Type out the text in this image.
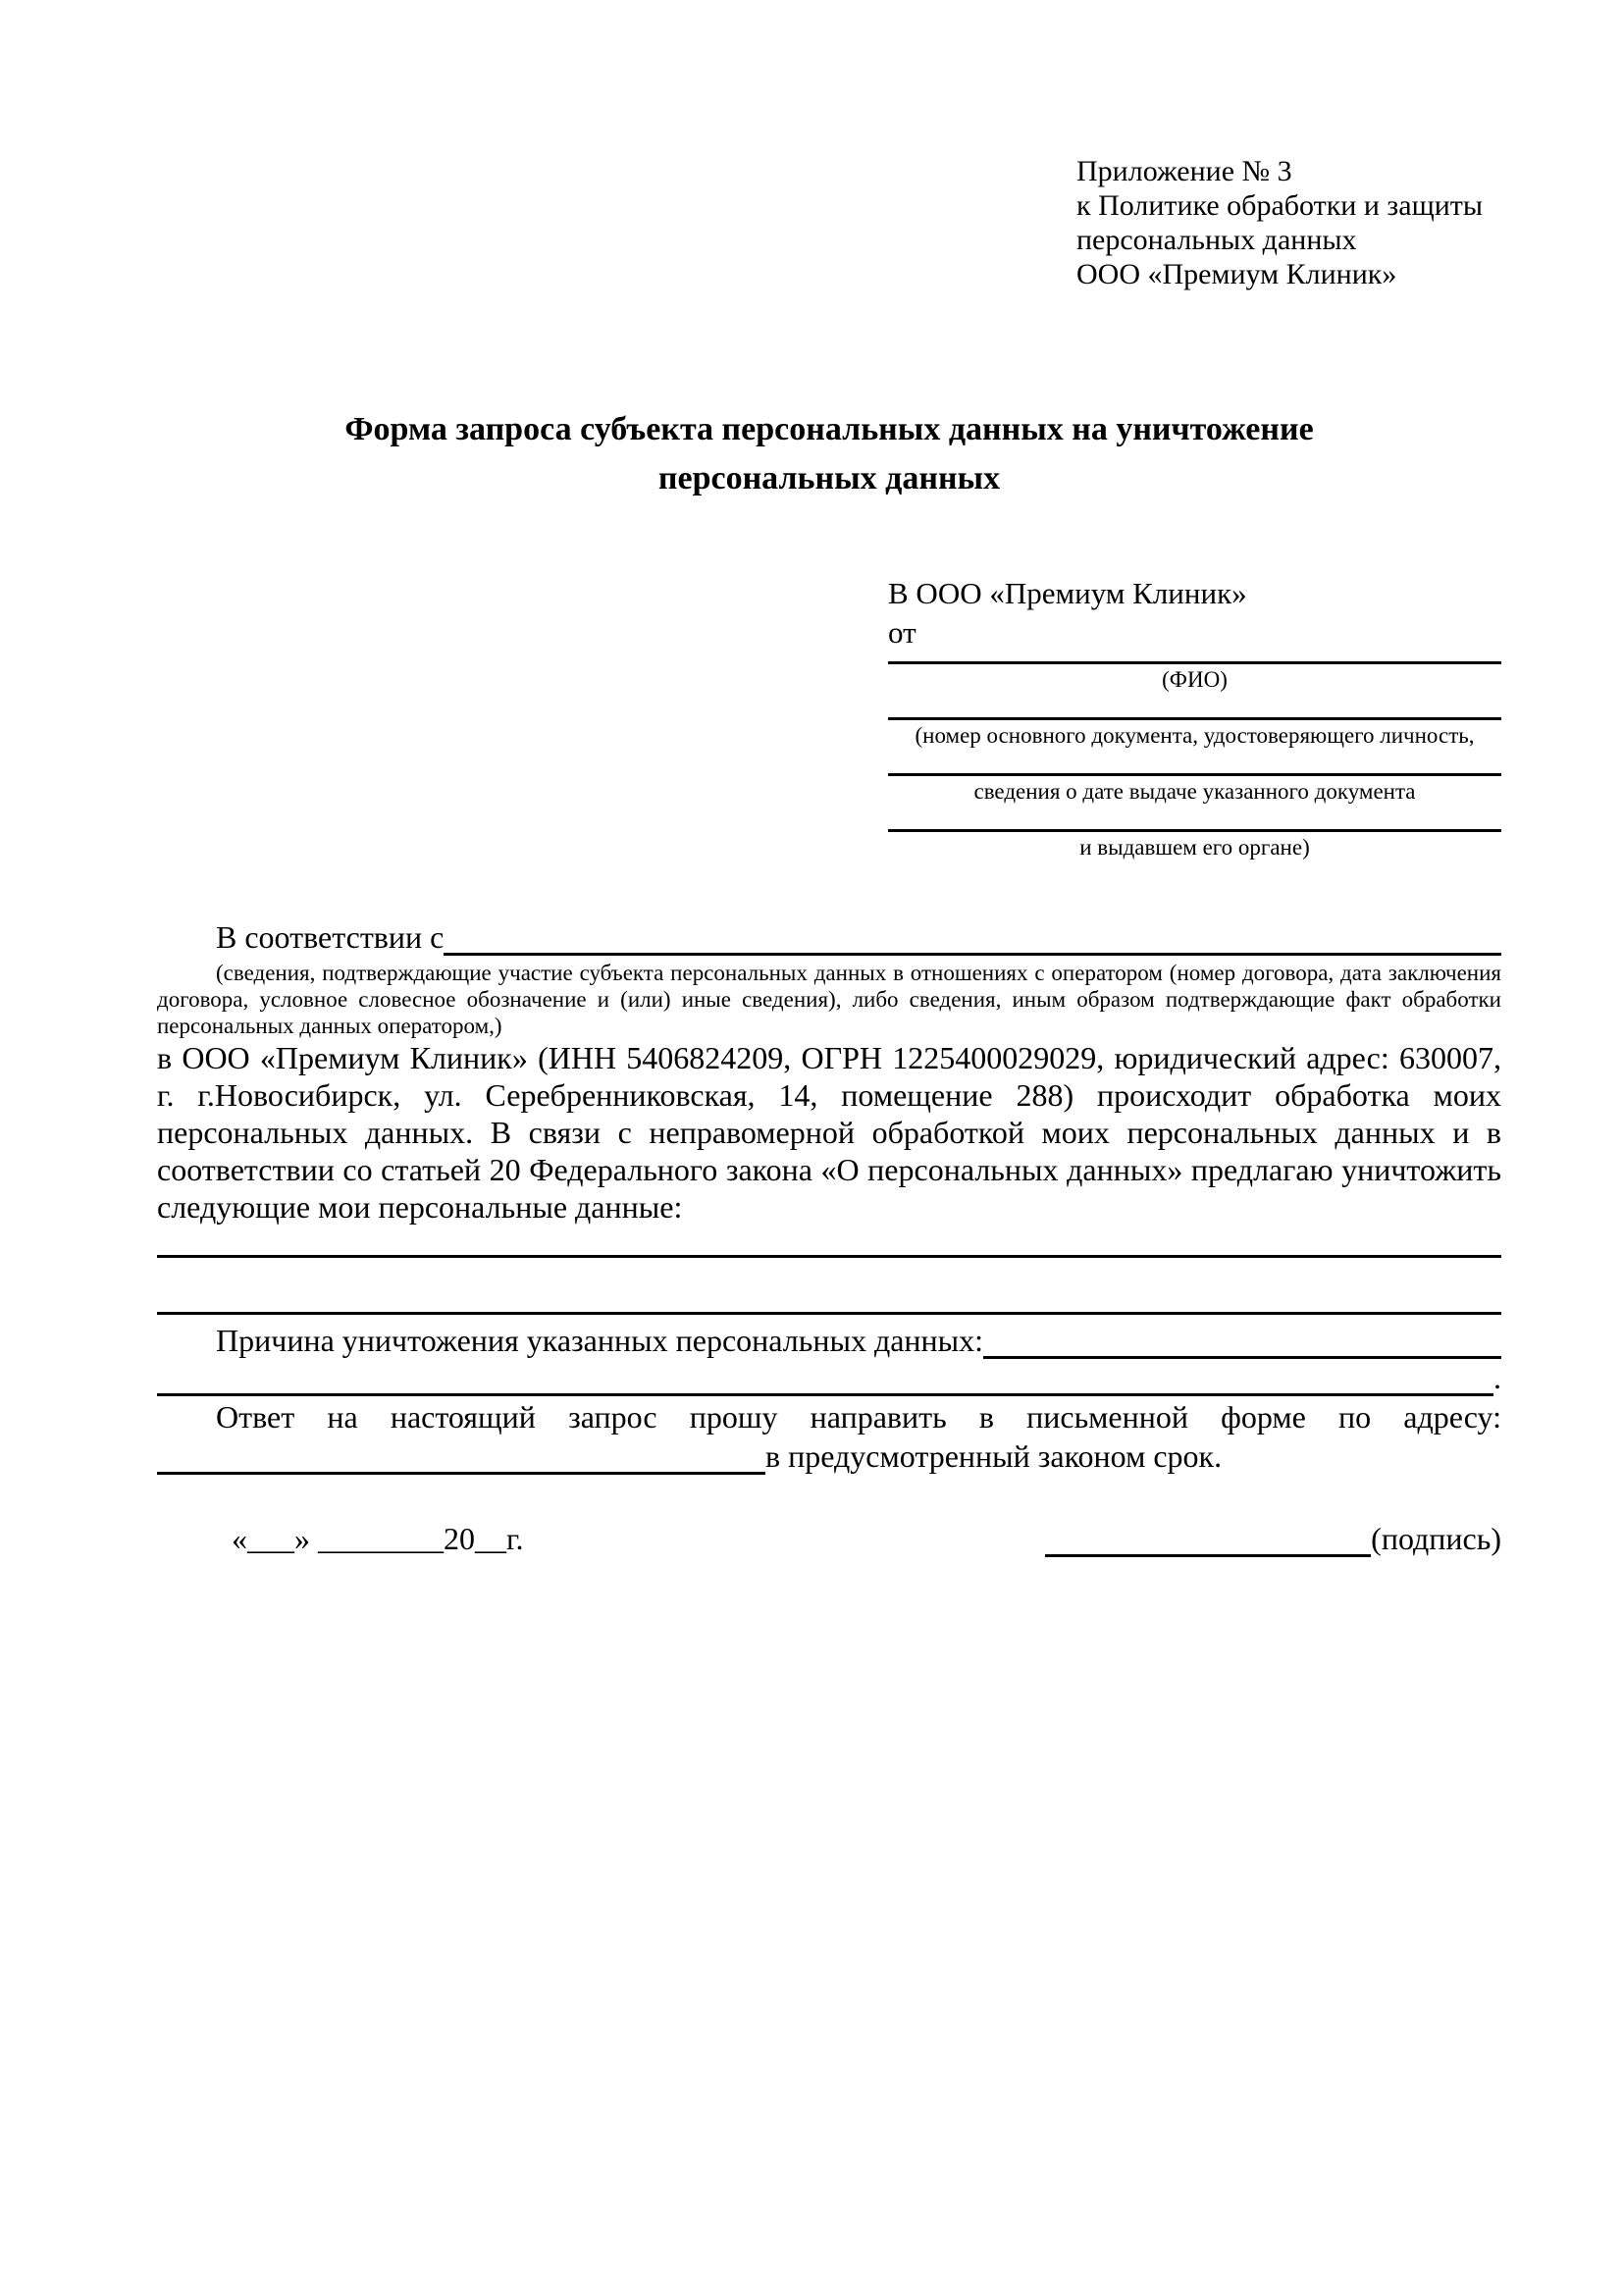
Приложение № 3
к Политике обработки и защиты
персональных данных
ООО «Премиум Клиник»
Форма запроса субъекта персональных данных на уничтожение
персональных данных
В ООО «Премиум Клиник»
от
(ФИО)
(номер основного документа, удостоверяющего личность,
сведения о дате выдаче указанного документа
и выдавшем его органе)
В соответствии с
(сведения, подтверждающие участие субъекта персональных данных в отношениях с оператором (номер договора, дата заключения договора, условное словесное обозначение и (или) иные сведения), либо сведения, иным образом подтверждающие факт обработки персональных данных оператором,)
в ООО «Премиум Клиник» (ИНН 5406824209, ОГРН 1225400029029, юридический адрес: 630007, г. г.Новосибирск, ул. Серебренниковская, 14, помещение 288) происходит обработка моих персональных данных. В связи с неправомерной обработкой моих персональных данных и в соответствии со статьей 20 Федерального закона «О персональных данных» предлагаю уничтожить следующие мои персональные данные:
Причина уничтожения указанных персональных данных:
.
Ответ на настоящий запрос прошу направить в письменной форме по адресу:
в предусмотренный законом срок.
«___» ________20__г.	(подпись)
